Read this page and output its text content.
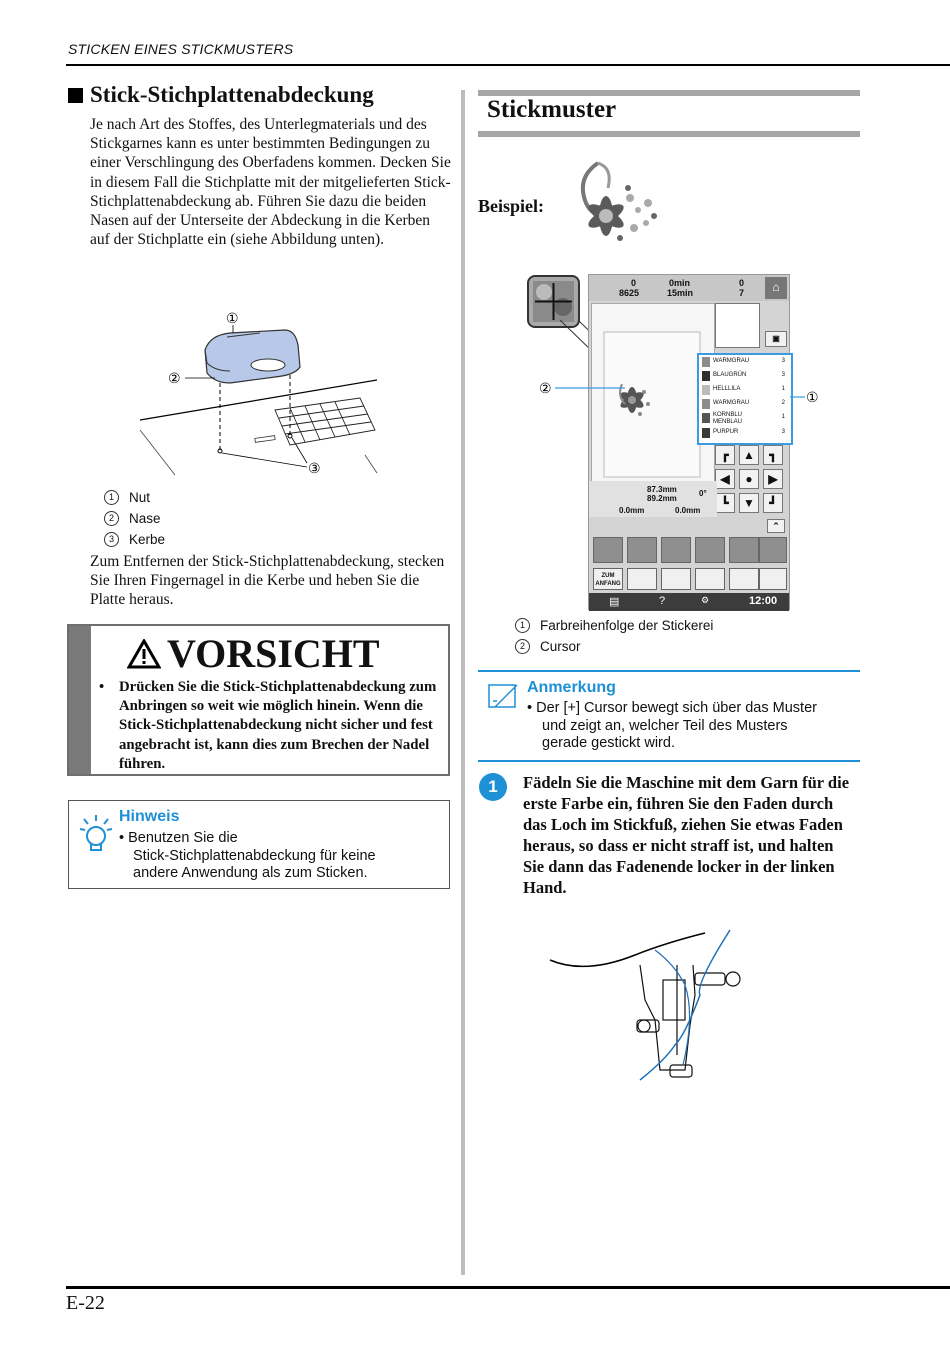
STICKEN EINES STICKMUSTERS
E-22
Stick-Stichplattenabdeckung
Je nach Art des Stoffes, des Unterlegmaterials und des Stickgarnes kann es unter bestimmten Bedingungen zu einer Verschlingung des Oberfadens kommen. Decken Sie in diesem Fall die Stichplatte mit der mitgelieferten Stick-Stichplattenabdeckung ab. Führen Sie dazu die beiden Nasen auf der Unterseite der Abdeckung in die Kerben auf der Stichplatte ein (siehe Abbildung unten).
①
②
③
1	Nut
2	Nase
3	Kerbe
Zum Entfernen der Stick-Stichplattenabdeckung, stecken Sie Ihren Fingernagel in die Kerbe und heben Sie die Platte heraus.
VORSICHT
•	Drücken Sie die Stick-Stichplattenabdeckung zum Anbringen so weit wie möglich hinein. Wenn die Stick-Stichplattenabdeckung nicht sicher und fest angebracht ist, kann dies zum Brechen der Nadel führen.
Hinweis
• Benutzen Sie die
Stick-Stichplattenabdeckung für keine
andere Anwendung als zum Sticken.
Stickmuster
Beispiel:
0
8625
0min
15min
0
7	⌂
▣
WARMGRAU	3
BLAUGRÜN	3
HELLLILA	1
WARMGRAU	2
KORNBLU MENBLAU
1
PURPUR	3
┏	▲	┓
◀	●	▶
┗	▼	┛
87.3mm
89.2mm
0°
0.0mm	0.0mm
⌃
ZUM ANFANG
▤	?	⚙	12:00
②
①
1	Farbreihenfolge der Stickerei
2	Cursor
Anmerkung
• Der [+] Cursor bewegt sich über das Muster
und zeigt an, welcher Teil des Musters
gerade gestickt wird.
1	Fädeln Sie die Maschine mit dem Garn für die erste Farbe ein, führen Sie den Faden durch das Loch im Stickfuß, ziehen Sie etwas Faden heraus, so dass er nicht straff ist, und halten Sie dann das Fadenende locker in der linken Hand.
